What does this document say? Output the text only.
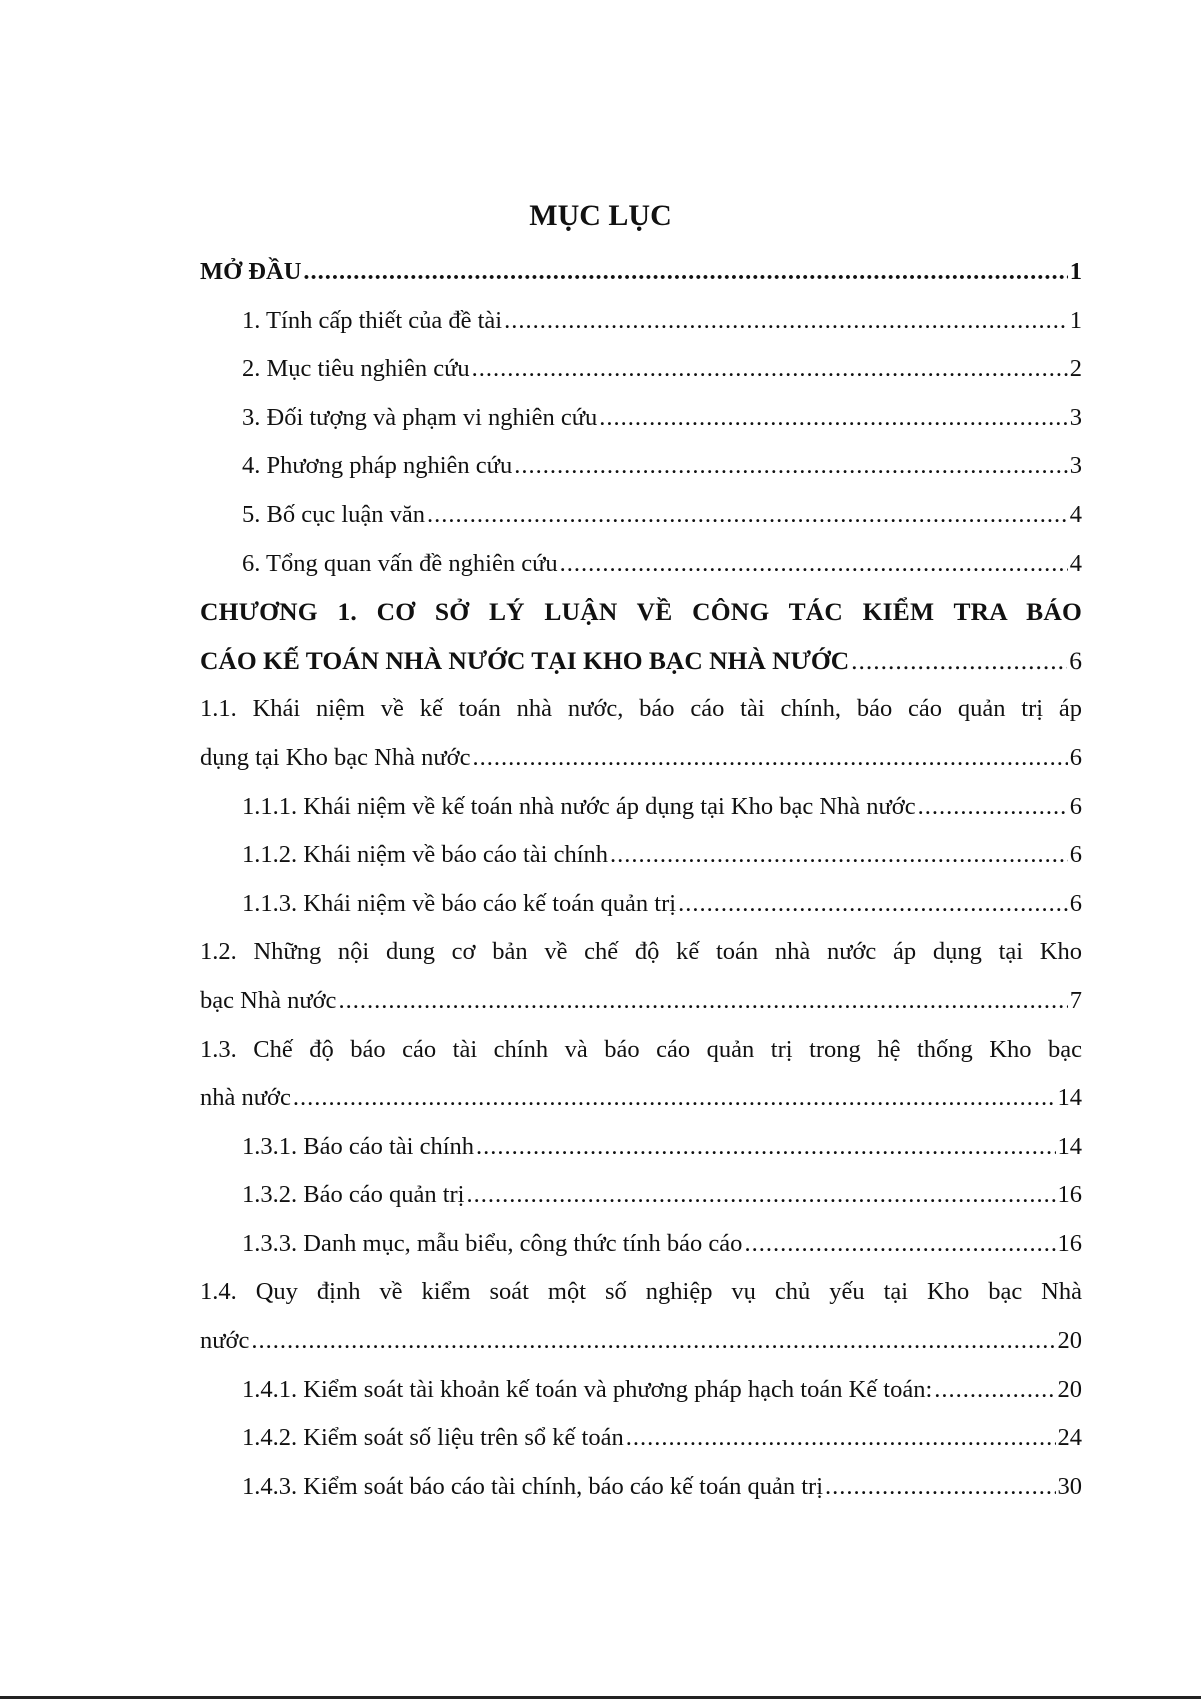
MỤC LỤC
MỞ ĐẦU .....	1
1. Tính cấp thiết của đề tài .....	1
2. Mục tiêu nghiên cứu .....	2
3. Đối tượng và phạm vi nghiên cứu .....	3
4. Phương pháp nghiên cứu .....	3
5. Bố cục luận văn .....	4
6. Tổng quan vấn đề nghiên cứu .....	4
CHƯƠNG 1. CƠ SỞ LÝ LUẬN VỀ CÔNG TÁC KIỂM TRA BÁO
CÁO KẾ TOÁN NHÀ NƯỚC TẠI KHO BẠC NHÀ NƯỚC .....	6
1.1. Khái niệm về kế toán nhà nước, báo cáo tài chính, báo cáo quản trị áp
dụng tại Kho bạc Nhà nước .....	6
1.1.1. Khái niệm về kế toán nhà nước áp dụng tại Kho bạc Nhà nước .....	6
1.1.2. Khái niệm về báo cáo tài chính .....	6
1.1.3. Khái niệm về báo cáo kế toán quản trị .....	6
1.2. Những nội dung cơ bản về chế độ kế toán nhà nước áp dụng tại Kho
bạc Nhà nước .....	7
1.3. Chế độ báo cáo tài chính và báo cáo quản trị trong hệ thống Kho bạc
nhà nước .....	14
1.3.1. Báo cáo tài chính .....	14
1.3.2. Báo cáo quản trị .....	16
1.3.3. Danh mục, mẫu biểu, công thức tính báo cáo .....	16
1.4. Quy định về kiểm soát một số nghiệp vụ chủ yếu tại Kho bạc Nhà
nước .....	20
1.4.1. Kiểm soát tài khoản kế toán và phương pháp hạch toán Kế toán: .....	20
1.4.2. Kiểm soát số liệu trên sổ kế toán .....	24
1.4.3. Kiểm soát báo cáo tài chính, báo cáo kế toán quản trị .....	30
